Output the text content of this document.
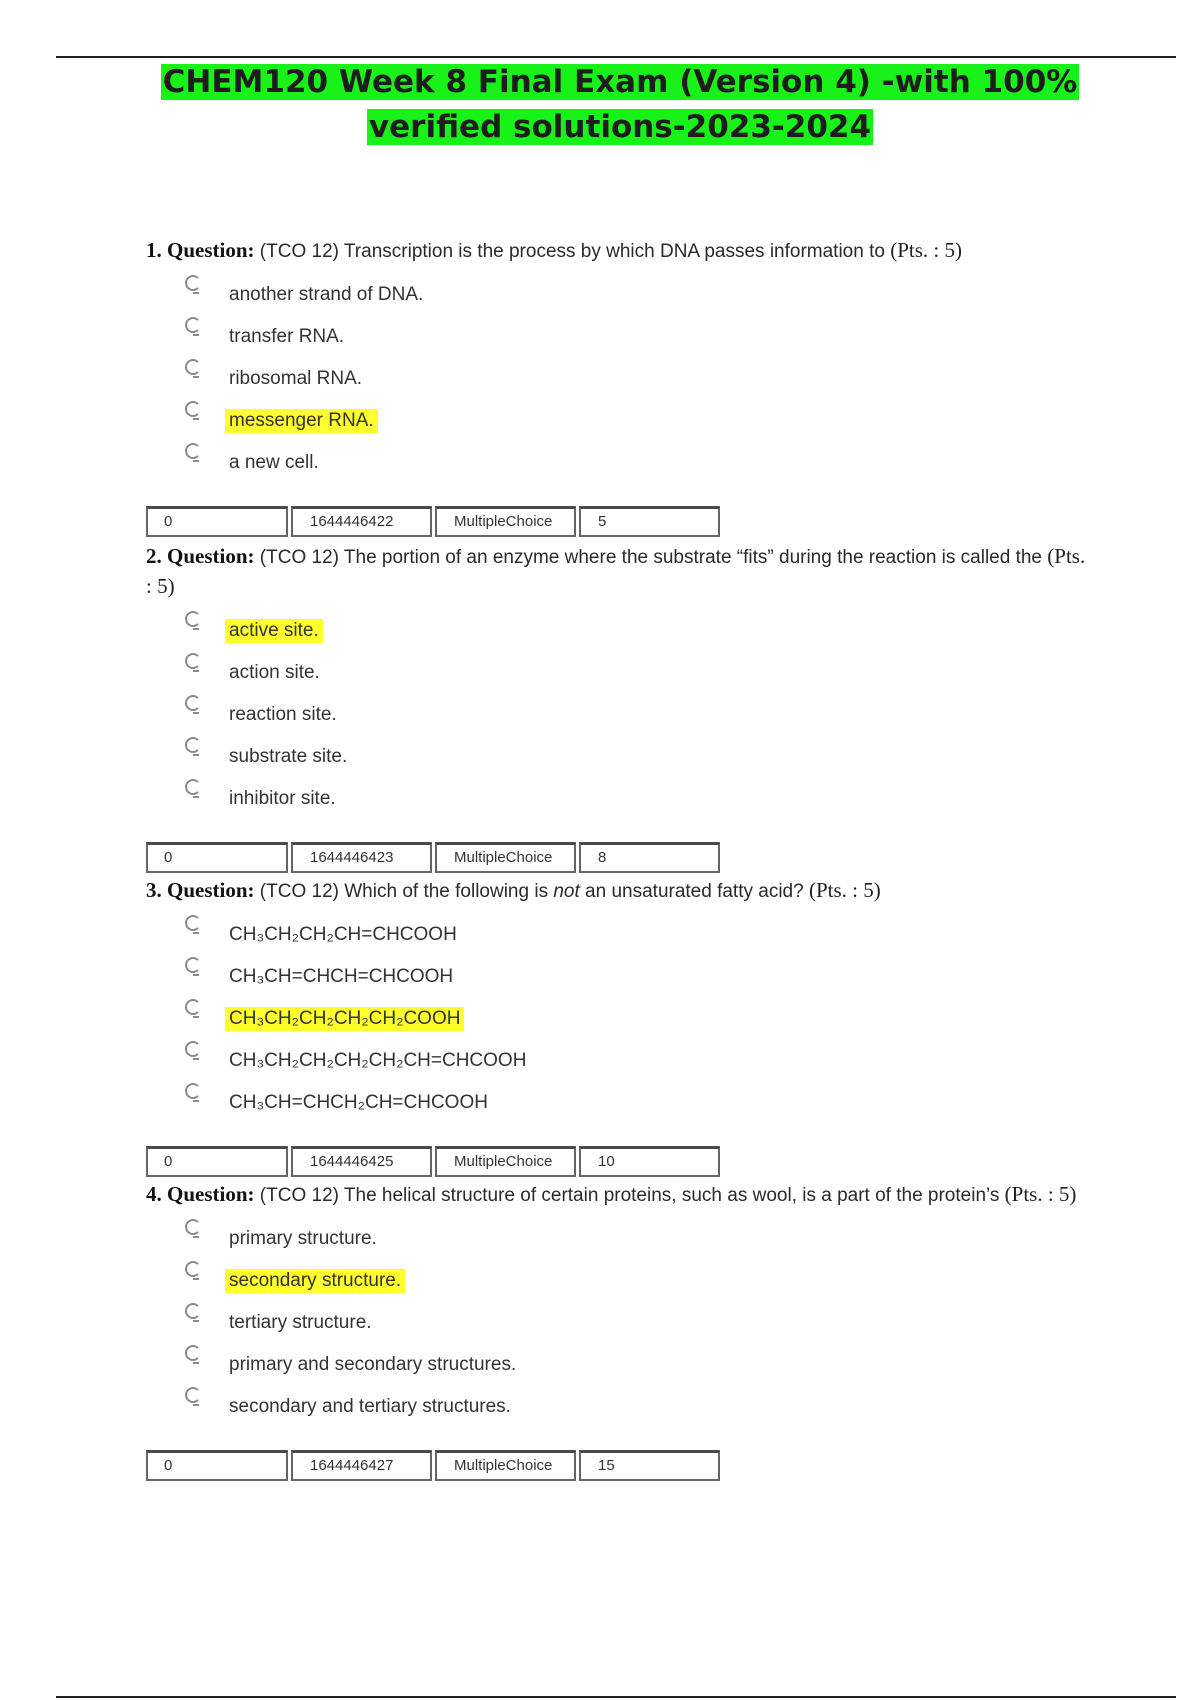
CHEM120 Week 8 Final Exam (Version 4) -with 100%
verified solutions-2023-2024
1. Question: (TCO 12) Transcription is the process by which DNA passes information to (Pts. : 5)
another strand of DNA.
transfer RNA.
ribosomal RNA.
messenger RNA.
a new cell.
0	1644446422	MultipleChoice	5
2. Question: (TCO 12) The portion of an enzyme where the substrate “fits” during the reaction is called the (Pts. : 5)
active site.
action site.
reaction site.
substrate site.
inhibitor site.
0	1644446423	MultipleChoice	8
3. Question: (TCO 12) Which of the following is not an unsaturated fatty acid? (Pts. : 5)
CH₃CH₂CH₂CH=CHCOOH
CH₃CH=CHCH=CHCOOH
CH₃CH₂CH₂CH₂CH₂COOH
CH₃CH₂CH₂CH₂CH₂CH=CHCOOH
CH₃CH=CHCH₂CH=CHCOOH
0	1644446425	MultipleChoice	10
4. Question: (TCO 12) The helical structure of certain proteins, such as wool, is a part of the protein’s (Pts. : 5)
primary structure.
secondary structure.
tertiary structure.
primary and secondary structures.
secondary and tertiary structures.
0	1644446427	MultipleChoice	15
